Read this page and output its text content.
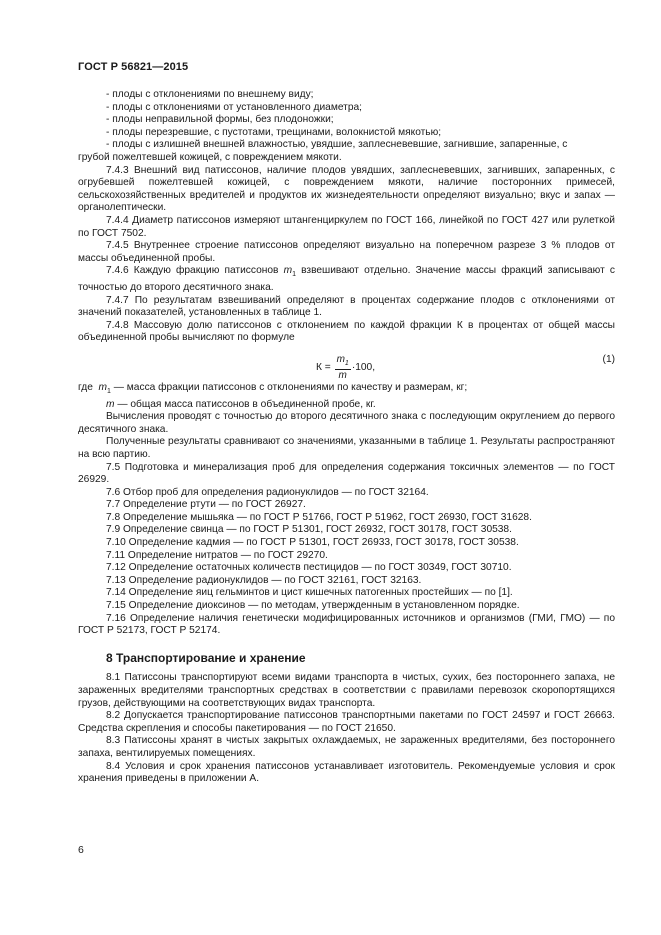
ГОСТ Р 56821—2015

- плоды с отклонениями по внешнему виду;

- плоды с отклонениями от установленного диаметра;

- плоды неправильной формы, без плодоножки;

- плоды перезревшие, с пустотами, трещинами, волокнистой мякотью;

- плоды с излишней внешней влажностью, увядшие, заплесневевшие, загнившие, запаренные, с

грубой пожелтевшей кожицей, с повреждением мякоти.

7.4.3 Внешний вид патиссонов, наличие плодов увядших, заплесневевших, загнивших, запаренных, с огрубевшей пожелтевшей кожицей, с повреждением мякоти, наличие посторонних примесей, сельскохозяйственных вредителей и продуктов их жизнедеятельности определяют визуально; вкус и запах — органолептически.

7.4.4 Диаметр патиссонов измеряют штангенциркулем по ГОСТ 166, линейкой по ГОСТ 427 или рулеткой по ГОСТ 7502.

7.4.5 Внутреннее строение патиссонов определяют визуально на поперечном разрезе 3 % плодов от массы объединенной пробы.

7.4.6 Каждую фракцию патиссонов $m_1$ взвешивают отдельно. Значение массы фракций записывают с точностью до второго десятичного знака.

7.4.7 По результатам взвешиваний определяют в процентах содержание плодов с отклонениями от значений показателей, установленных в таблице 1.

7.4.8 Массовую долю патиссонов с отклонением по каждой фракции К в процентах от общей массы объединенной пробы вычисляют по формуле

$К = \frac{m_1}{m} \cdot 100$,
(1)

где $m_1$ — масса фракции патиссонов с отклонениями по качеству и размерам, кг;

m — общая масса патиссонов в объединенной пробе, кг.

Вычисления проводят с точностью до второго десятичного знака с последующим округлением до первого десятичного знака.

Полученные результаты сравнивают со значениями, указанными в таблице 1. Результаты распространяют на всю партию.

7.5 Подготовка и минерализация проб для определения содержания токсичных элементов — по ГОСТ 26929.

7.6 Отбор проб для определения радионуклидов — по ГОСТ 32164.

7.7 Определение ртути — по ГОСТ 26927.

7.8 Определение мышьяка — по ГОСТ Р 51766, ГОСТ Р 51962, ГОСТ 26930, ГОСТ 31628.

7.9 Определение свинца — по ГОСТ Р 51301, ГОСТ 26932, ГОСТ 30178, ГОСТ 30538.

7.10 Определение кадмия — по ГОСТ Р 51301, ГОСТ 26933, ГОСТ 30178, ГОСТ 30538.

7.11 Определение нитратов — по ГОСТ 29270.

7.12 Определение остаточных количеств пестицидов — по ГОСТ 30349, ГОСТ 30710.

7.13 Определение радионуклидов — по ГОСТ 32161, ГОСТ 32163.

7.14 Определение яиц гельминтов и цист кишечных патогенных простейших — по [1].

7.15 Определение диоксинов — по методам, утвержденным в установленном порядке.

7.16 Определение наличия генетически модифицированных источников и организмов (ГМИ, ГМО) — по ГОСТ Р 52173, ГОСТ Р 52174.

8 Транспортирование и хранение

8.1 Патиссоны транспортируют всеми видами транспорта в чистых, сухих, без постороннего запаха, не зараженных вредителями транспортных средствах в соответствии с правилами перевозок скоропортящихся грузов, действующими на соответствующих видах транспорта.

8.2 Допускается транспортирование патиссонов транспортными пакетами по ГОСТ 24597 и ГОСТ 26663. Средства скрепления и способы пакетирования — по ГОСТ 21650.

8.3 Патиссоны хранят в чистых закрытых охлаждаемых, не зараженных вредителями, без постороннего запаха, вентилируемых помещениях.

8.4 Условия и срок хранения патиссонов устанавливает изготовитель. Рекомендуемые условия и срок хранения приведены в приложении А.

6
